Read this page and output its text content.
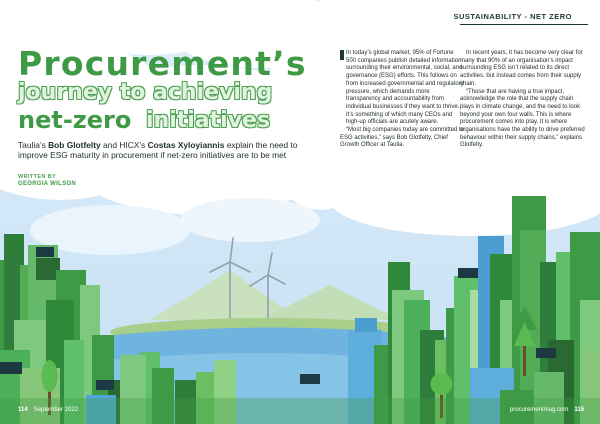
SUSTAINABILITY - NET ZERO
Procurement’s
journey to achieving
net-zero initiatives
Taulia’s Bob Glotfelty and HICX’s Costas Xyloyiannis explain the need to improve ESG maturity in procurement if net-zero initiatives are to be met
WRITTEN BY
GEORGIA WILSON

In today’s global market, 95% of Fortune 500 companies publish detailed information surrounding their environmental, social, and governance (ESG) efforts. This follows on from increased governmental and regulatory pressure, which demands more transparency and accountability from individual businesses if they want to thrive. It’s something of which many CEOs and high-up officials are acutely aware.

“Most big companies today are committed to ESG activities,” says Bob Glotfelty, Chief Growth Officer at Taulia.

In recent years, it has become very clear for many that 90% of an organisation’s impact surrounding ESG isn’t related to its direct activities, but instead comes from their supply chain.

“Those that are having a true impact, acknowledge the role that the supply chain plays in climate change, and the need to look beyond your own four walls. This is where procurement comes into play. It is where organisations have the ability to drive preferred behaviour within their supply chains,” explains Glotfelty.

114 September 2022	procurementmag.com 115
